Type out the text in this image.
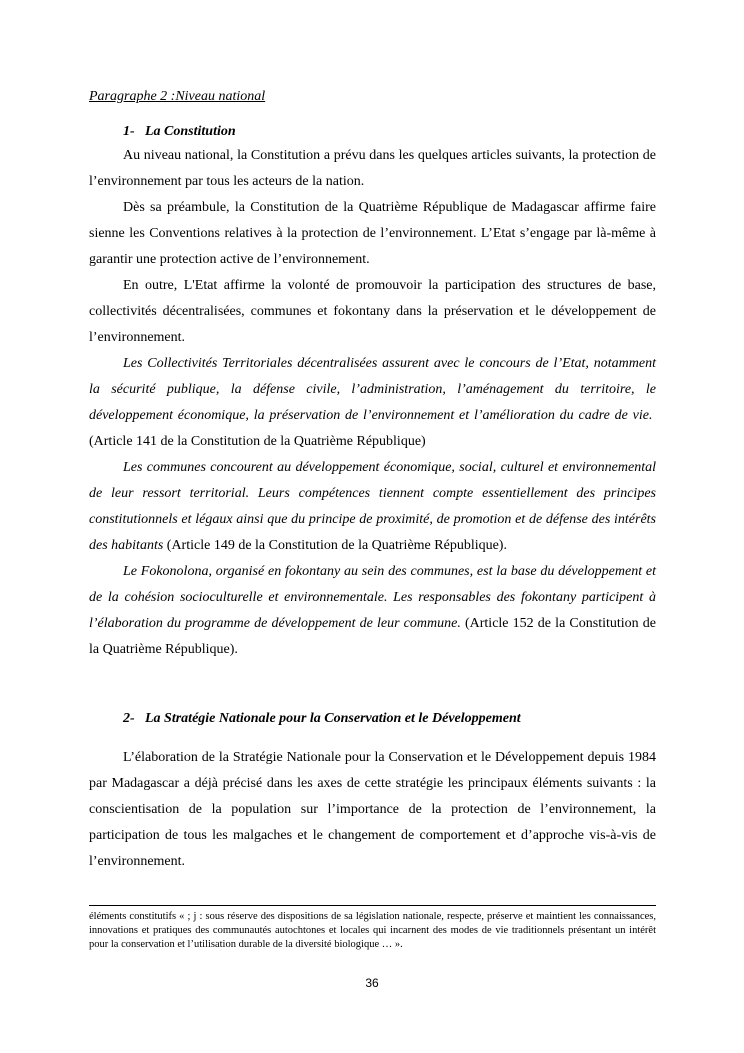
Paragraphe 2 :Niveau national
1- La Constitution

Au niveau national, la Constitution a prévu dans les quelques articles suivants, la protection de l’environnement par tous les acteurs de la nation.

Dès sa préambule, la Constitution de la Quatrième République de Madagascar affirme faire sienne les Conventions relatives à la protection de l’environnement. L’Etat s’engage par là-même à garantir une protection active de l’environnement.

En outre, L'Etat affirme la volonté de promouvoir la participation des structures de base, collectivités décentralisées, communes et fokontany dans la préservation et le développement de l’environnement.

Les Collectivités Territoriales décentralisées assurent avec le concours de l’Etat, notamment la sécurité publique, la défense civile, l’administration, l’aménagement du territoire, le développement économique, la préservation de l’environnement et l’amélioration du cadre de vie.  (Article 141 de la Constitution de la Quatrième République)

Les communes concourent au développement économique, social, culturel et environnemental de leur ressort territorial. Leurs compétences tiennent compte essentiellement des principes constitutionnels et légaux ainsi que du principe de proximité, de promotion et de défense des intérêts des habitants (Article 149 de la Constitution de la Quatrième République).

Le Fokonolona, organisé en fokontany au sein des communes, est la base du développement et de la cohésion socioculturelle et environnementale. Les responsables des fokontany participent à l’élaboration du programme de développement de leur commune. (Article 152 de la Constitution de la Quatrième République).

2- La Stratégie Nationale pour la Conservation et le Développement

L’élaboration de la Stratégie Nationale pour la Conservation et le Développement depuis 1984 par Madagascar a déjà précisé dans les axes de cette stratégie les principaux éléments suivants : la conscientisation de la population sur l’importance de la protection de l’environnement, la participation de tous les malgaches et le changement de comportement et d’approche vis-à-vis de l’environnement.

éléments constitutifs « ; j : sous réserve des dispositions de sa législation nationale, respecte, préserve et maintient les connaissances, innovations et pratiques des communautés autochtones et locales qui incarnent des modes de vie traditionnels présentant un intérêt pour la conservation et l’utilisation durable de la diversité biologique … ».
36
